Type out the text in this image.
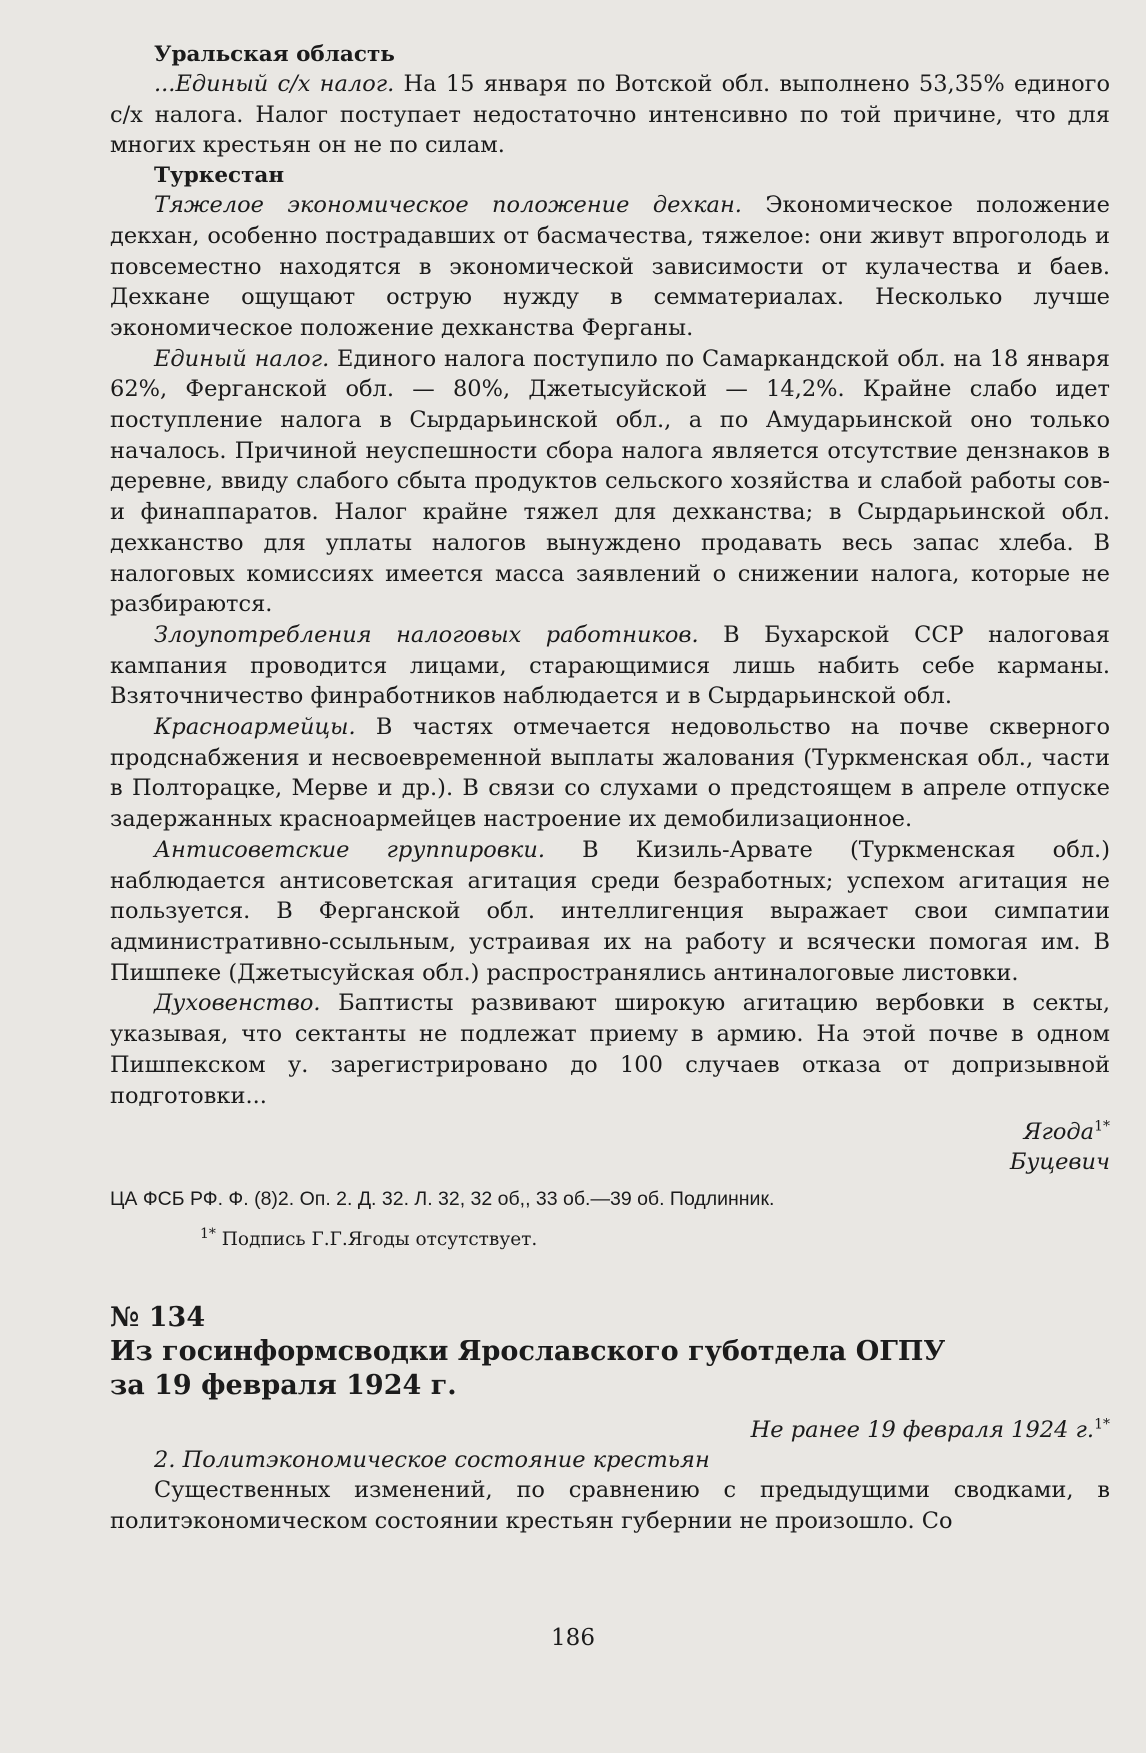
Уральская область

...Единый с/х налог. На 15 января по Вотской обл. выполнено 53,35% единого с/х налога. Налог поступает недостаточно интенсивно по той причине, что для многих крестьян он не по силам.

Туркестан

Тяжелое экономическое положение дехкан. Экономическое положение декхан, особенно пострадавших от басмачества, тяжелое: они живут впроголодь и повсеместно находятся в экономической зависимости от кулачества и баев. Дехкане ощущают острую нужду в семматериалах. Несколько лучше экономическое положение дехканства Ферганы.

Единый налог. Единого налога поступило по Самаркандской обл. на 18 января 62%, Ферганской обл. — 80%, Джетысуйской — 14,2%. Крайне слабо идет поступление налога в Сырдарьинской обл., а по Амударьинской оно только началось. Причиной неуспешности сбора налога является отсутствие дензнаков в деревне, ввиду слабого сбыта продуктов сельского хозяйства и слабой работы сов- и финаппаратов. Налог крайне тяжел для дехканства; в Сырдарьинской обл. дехканство для уплаты налогов вынуждено продавать весь запас хлеба. В налоговых комиссиях имеется масса заявлений о снижении налога, которые не разбираются.

Злоупотребления налоговых работников. В Бухарской ССР налоговая кампания проводится лицами, старающимися лишь набить себе карманы. Взяточничество финработников наблюдается и в Сырдарьинской обл.

Красноармейцы. В частях отмечается недовольство на почве скверного продснабжения и несвоевременной выплаты жалования (Туркменская обл., части в Полторацке, Мерве и др.). В связи со слухами о предстоящем в апреле отпуске задержанных красноармейцев настроение их демобилизационное.

Антисоветские группировки. В Кизиль-Арвате (Туркменская обл.) наблюдается антисоветская агитация среди безработных; успехом агитация не пользуется. В Ферганской обл. интеллигенция выражает свои симпатии административно-ссыльным, устраивая их на работу и всячески помогая им. В Пишпеке (Джетысуйская обл.) распространялись антиналоговые листовки.

Духовенство. Баптисты развивают широкую агитацию вербовки в секты, указывая, что сектанты не подлежат приему в армию. На этой почве в одном Пишпекском у. зарегистрировано до 100 случаев отказа от допризывной подготовки...

Ягода$^{1*}$
Буцевич
ЦА ФСБ РФ. Ф. (8)2. Оп. 2. Д. 32. Л. 32, 32 об,, 33 об.—39 об. Подлинник.
$^{1*}$ Подпись Г.Г.Ягоды отсутствует.
№ 134
Из госинформсводки Ярославского губотдела ОГПУ
за 19 февраля 1924 г.
Не ранее 19 февраля 1924 г.$^{1*}$
2. Политэкономическое состояние крестьян

Существенных изменений, по сравнению с предыдущими сводками, в политэкономическом состоянии крестьян губернии не произошло. Со

186
